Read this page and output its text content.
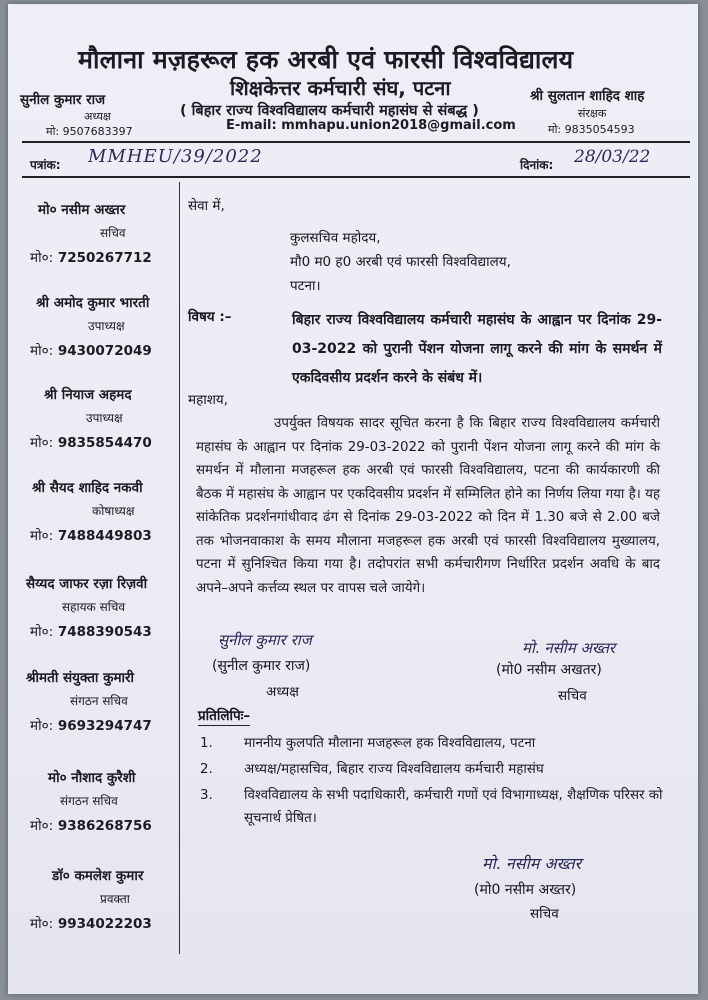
मौलाना मज़हरूल हक अरबी एवं फारसी विश्वविद्यालय
शिक्षकेत्तर कर्मचारी संघ, पटना
( बिहार राज्य विश्वविद्यालय कर्मचारी महासंघ से संबद्ध )
E-mail: mmhapu.union2018@gmail.com
सुनील कुमार राज
अध्यक्ष
मो: 9507683397
श्री सुलतान शाहिद शाह
संरक्षक
मो: 9835054593
पत्रांक: MMHEU/39/2022	दिनांक: 28/03/22
मो० नसीम अख्तर
सचिव
मो०: 7250267712
श्री अमोद कुमार भारती
उपाध्यक्ष
मो०: 9430072049
श्री नियाज अहमद
उपाध्यक्ष
मो०: 9835854470
श्री सैयद शाहिद नकवी
कोषाध्यक्ष
मो०: 7488449803
सैय्यद जाफर रज़ा रिज़वी
सहायक सचिव
मो०: 7488390543
श्रीमती संयुक्ता कुमारी
संगठन सचिव
मो०: 9693294747
मो० नौशाद कुरैशी
संगठन सचिव
मो०: 9386268756
डॉ० कमलेश कुमार
प्रवक्ता
मो०: 9934022203
सेवा में,
कुलसचिव महोदय,
मौ0 म0 ह0 अरबी एवं फारसी विश्वविद्यालय,
पटना।
विषय :–	बिहार राज्य विश्वविद्यालय कर्मचारी महासंघ के आह्वान पर दिनांक 29-03-2022 को पुरानी पेंशन योजना लागू करने की मांग के समर्थन में एकदिवसीय प्रदर्शन करने के संबंध में।
महाशय,
उपर्युक्त विषयक सादर सूचित करना है कि बिहार राज्य विश्वविद्यालय कर्मचारी महासंघ के आह्वान पर दिनांक 29-03-2022 को पुरानी पेंशन योजना लागू करने की मांग के समर्थन में मौलाना मजहरूल हक अरबी एवं फारसी विश्वविद्यालय, पटना की कार्यकारणी की बैठक में महासंघ के आह्वान पर एकदिवसीय प्रदर्शन में सम्मिलित होने का निर्णय लिया गया है। यह सांकेतिक प्रदर्शनगांधीवाद ढंग से दिनांक 29-03-2022 को दिन में 1.30 बजे से 2.00 बजे तक भोजनवाकाश के समय मौलाना मजहरूल हक अरबी एवं फारसी विश्वविद्यालय मुख्यालय, पटना में सुनिश्चित किया गया है। तदोपरांत सभी कर्मचारीगण निर्धारित प्रदर्शन अवधि के बाद अपने–अपने कर्त्तव्य स्थल पर वापस चले जायेगे।
सुनील कुमार राज
(सुनील कुमार राज)
अध्यक्ष
मो. नसीम अख्तर
(मो0 नसीम अखतर)
सचिव
प्रतिलिपिः–
1.	माननीय कुलपति मौलाना मजहरूल हक विश्वविद्यालय, पटना
2.	अध्यक्ष/महासचिव, बिहार राज्य विश्वविद्यालय कर्मचारी महासंघ
3.	विश्वविद्यालय के सभी पदाधिकारी, कर्मचारी गणों एवं विभागाध्यक्ष, शैक्षणिक परिसर को सूचनार्थ प्रेषित।
मो. नसीम अख्तर
(मो0 नसीम अख्तर)
सचिव
